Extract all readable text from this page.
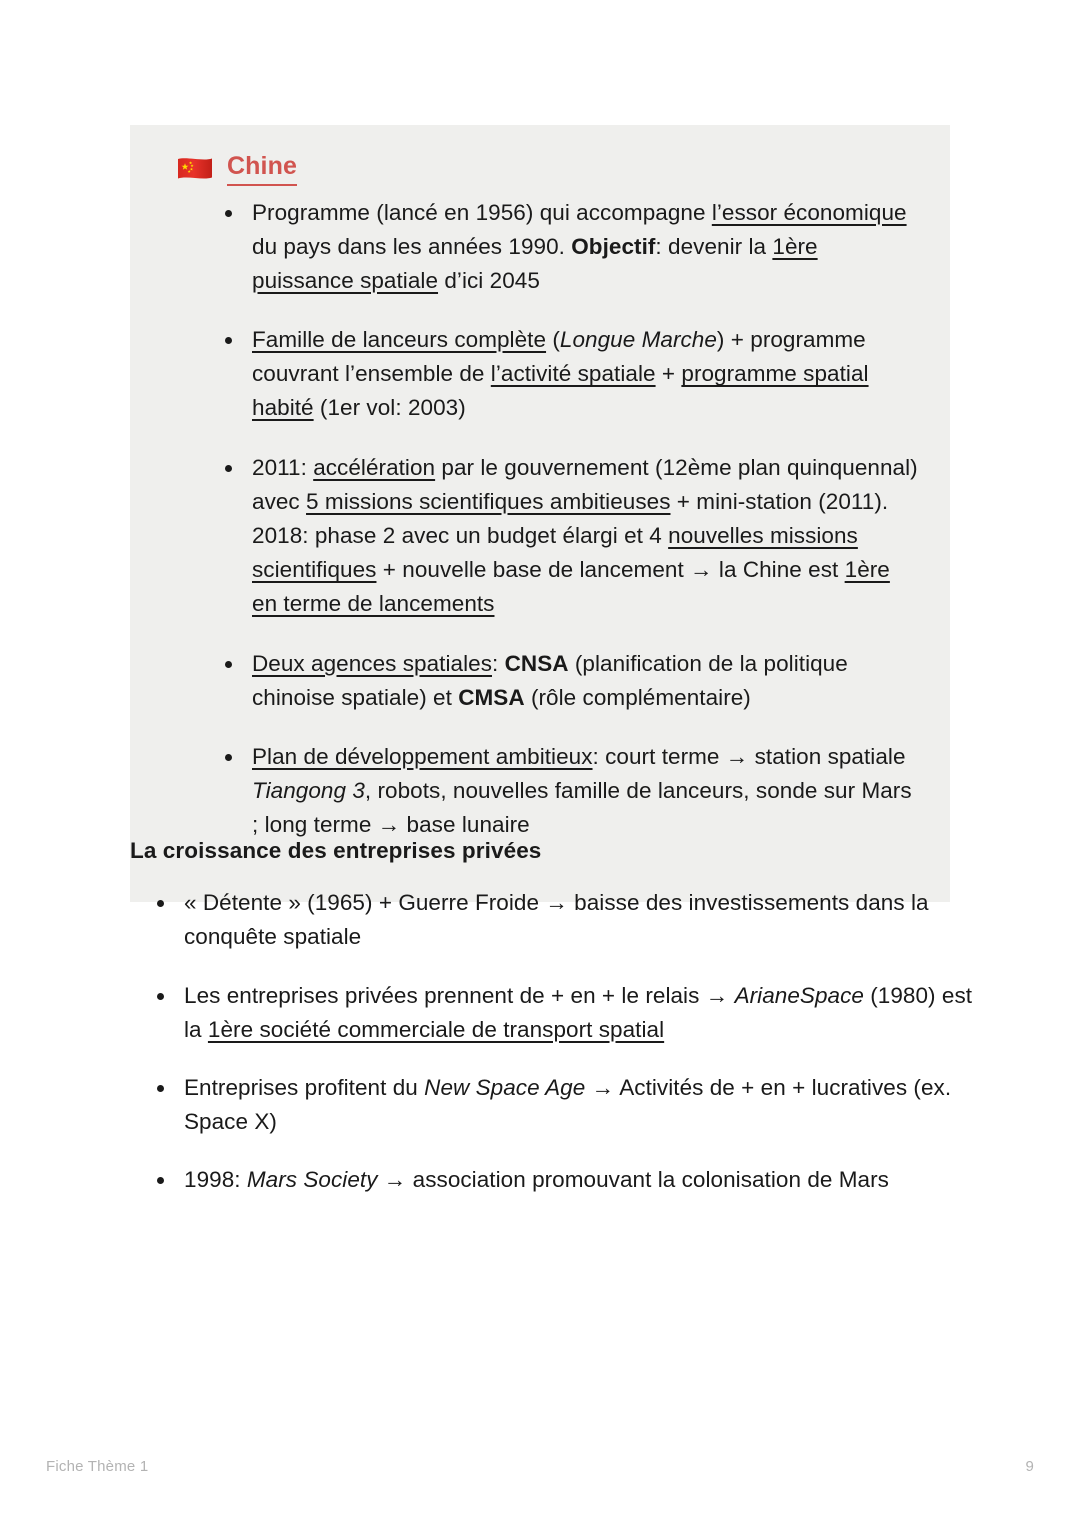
Chine
Programme (lancé en 1956) qui accompagne l’essor économique du pays dans les années 1990. Objectif: devenir la 1ère puissance spatiale d’ici 2045
Famille de lanceurs complète (Longue Marche) + programme couvrant l’ensemble de l’activité spatiale + programme spatial habité (1er vol: 2003)
2011: accélération par le gouvernement (12ème plan quinquennal) avec 5 missions scientifiques ambitieuses + mini-station (2011). 2018: phase 2 avec un budget élargi et 4 nouvelles missions scientifiques + nouvelle base de lancement → la Chine est 1ère en terme de lancements
Deux agences spatiales: CNSA (planification de la politique chinoise spatiale) et CMSA (rôle complémentaire)
Plan de développement ambitieux: court terme → station spatiale Tiangong 3, robots, nouvelles famille de lanceurs, sonde sur Mars ; long terme → base lunaire
La croissance des entreprises privées
« Détente » (1965) + Guerre Froide → baisse des investissements dans la conquête spatiale
Les entreprises privées prennent de + en + le relais → ArianeSpace (1980) est la 1ère société commerciale de transport spatial
Entreprises profitent du New Space Age → Activités de + en + lucratives (ex. Space X)
1998: Mars Society → association promouvant la colonisation de Mars
Fiche Thème 1	9
